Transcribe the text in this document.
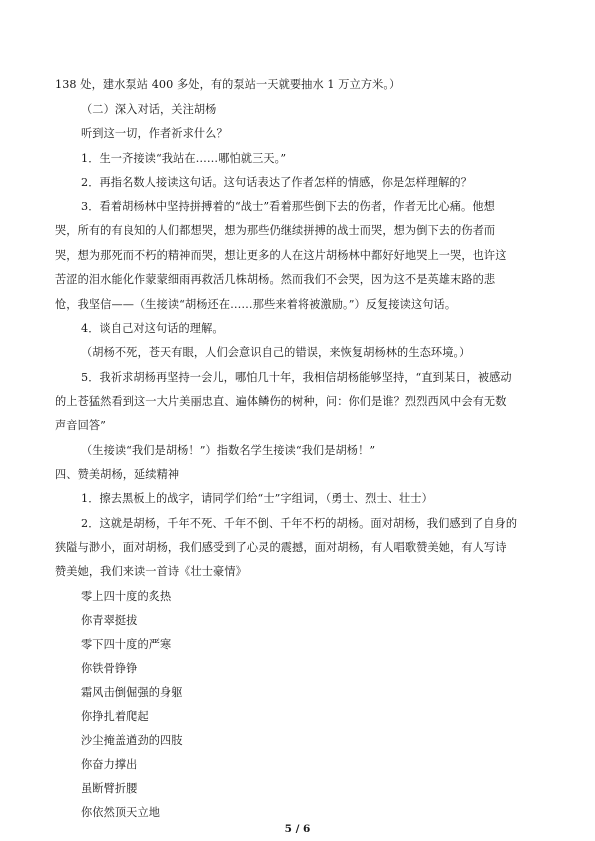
138 处，建水泵站 400 多处，有的泵站一天就要抽水 1 万立方米。）
（二）深入对话，关注胡杨
听到这一切，作者祈求什么？
1．生一齐接读“我站在……哪怕就三天。”
2．再指名数人接读这句话。这句话表达了作者怎样的情感，你是怎样理解的？
3．看着胡杨林中坚持拼搏着的“战士”看着那些倒下去的伤者，作者无比心痛。他想
哭，所有的有良知的人们都想哭，想为那些仍继续拼搏的战士而哭，想为倒下去的伤者而
哭，想为那死而不朽的精神而哭，想让更多的人在这片胡杨林中都好好地哭上一哭，也许这
苦涩的泪水能化作蒙蒙细雨再救活几株胡杨。然而我们不会哭，因为这不是英雄末路的悲
怆，我坚信——（生接读“胡杨还在……那些来着将被激励。”）反复接读这句话。
4．谈自己对这句话的理解。
（胡杨不死，苍天有眼，人们会意识自己的错误，来恢复胡杨林的生态环境。）
5．我祈求胡杨再坚持一会儿，哪怕几十年，我相信胡杨能够坚持，“直到某日，被感动
的上苍猛然看到这一大片美丽忠直、遍体鳞伤的树种，问：你们是谁？烈烈西风中会有无数
声音回答”
（生接读“我们是胡杨！”）指数名学生接读“我们是胡杨！”
四、赞美胡杨，延续精神
1．擦去黑板上的战字，请同学们给“士”字组词，（勇士、烈士、壮士）
2．这就是胡杨，千年不死、千年不倒、千年不朽的胡杨。面对胡杨，我们感到了自身的
狭隘与渺小，面对胡杨，我们感受到了心灵的震撼，面对胡杨，有人唱歌赞美她，有人写诗
赞美她，我们来读一首诗《壮士豪情》
零上四十度的炙热
你青翠挺拔
零下四十度的严寒
你铁骨铮铮
霜风击倒倔强的身躯
你挣扎着爬起
沙尘掩盖遒劲的四肢
你奋力撑出
虽断臂折腰
你依然顶天立地
5 / 6
